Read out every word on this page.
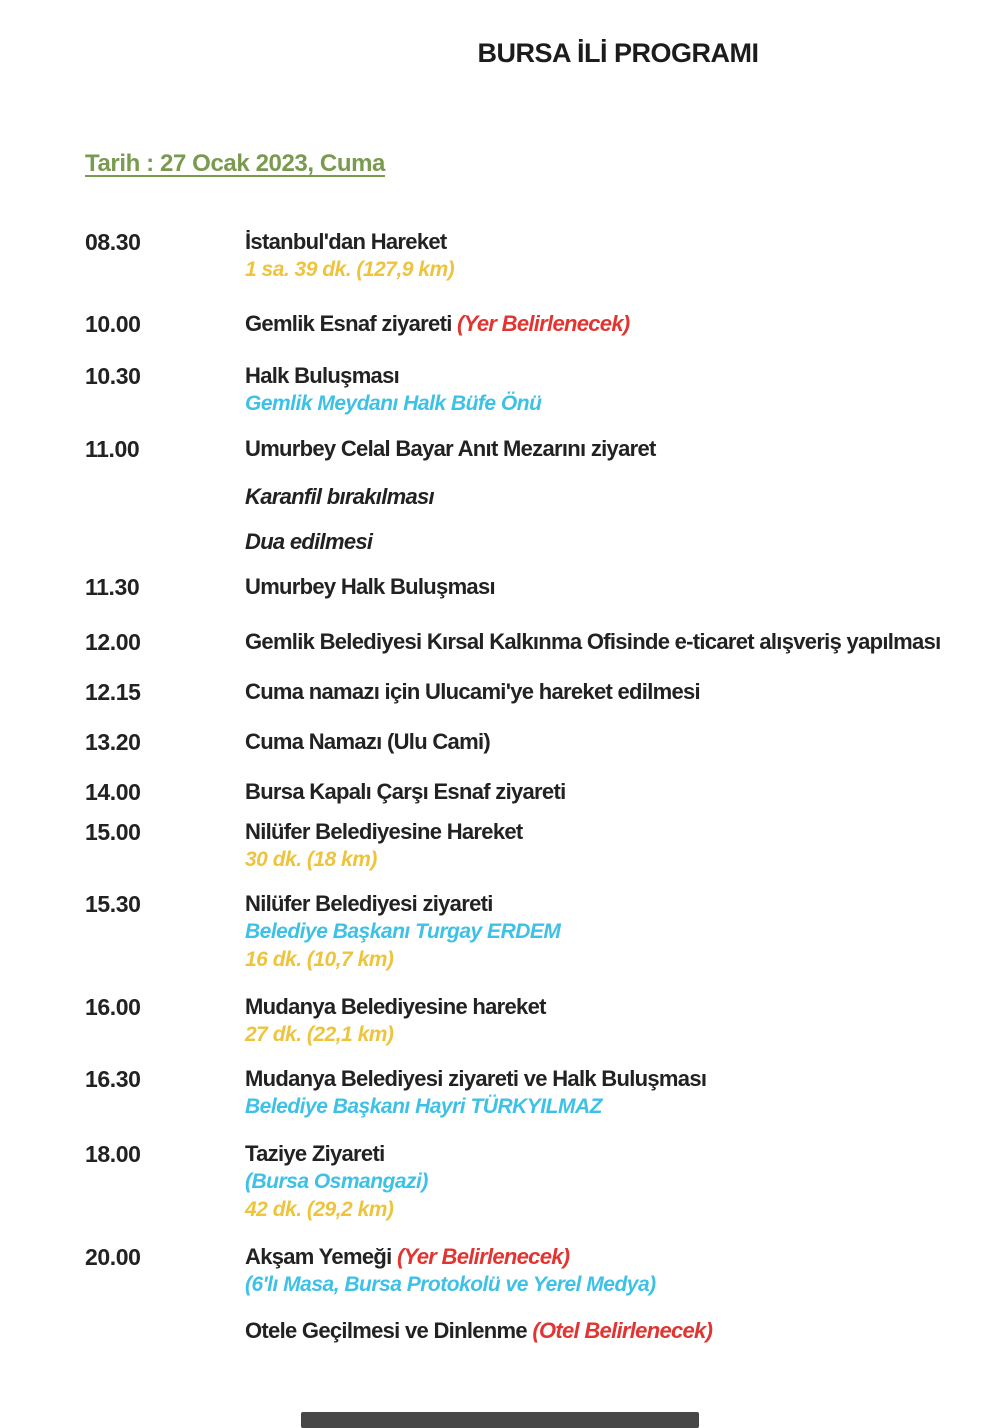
BURSA İLİ PROGRAMI
Tarih : 27 Ocak 2023, Cuma
08.30	İstanbul'dan Hareket
1 sa. 39 dk. (127,9 km)
10.00	Gemlik Esnaf ziyareti (Yer Belirlenecek)
10.30	Halk Buluşması
Gemlik Meydanı Halk Büfe Önü
11.00	Umurbey Celal Bayar Anıt Mezarını ziyaret
Karanfil bırakılması
Dua edilmesi
11.30	Umurbey Halk Buluşması
12.00	Gemlik Belediyesi Kırsal Kalkınma Ofisinde e-ticaret alışveriş yapılması
12.15	Cuma namazı için Ulucami'ye hareket edilmesi
13.20	Cuma Namazı (Ulu Cami)
14.00	Bursa Kapalı Çarşı Esnaf ziyareti
15.00	Nilüfer Belediyesine Hareket
30 dk. (18 km)
15.30	Nilüfer Belediyesi ziyareti
Belediye Başkanı Turgay ERDEM
16 dk. (10,7 km)
16.00	Mudanya Belediyesine hareket
27 dk. (22,1 km)
16.30	Mudanya Belediyesi ziyareti ve Halk Buluşması
Belediye Başkanı Hayri TÜRKYILMAZ
18.00	Taziye Ziyareti
(Bursa Osmangazi)
42 dk. (29,2 km)
20.00	Akşam Yemeği (Yer Belirlenecek)
(6'lı Masa, Bursa Protokolü ve Yerel Medya)
Otele Geçilmesi ve Dinlenme (Otel Belirlenecek)
